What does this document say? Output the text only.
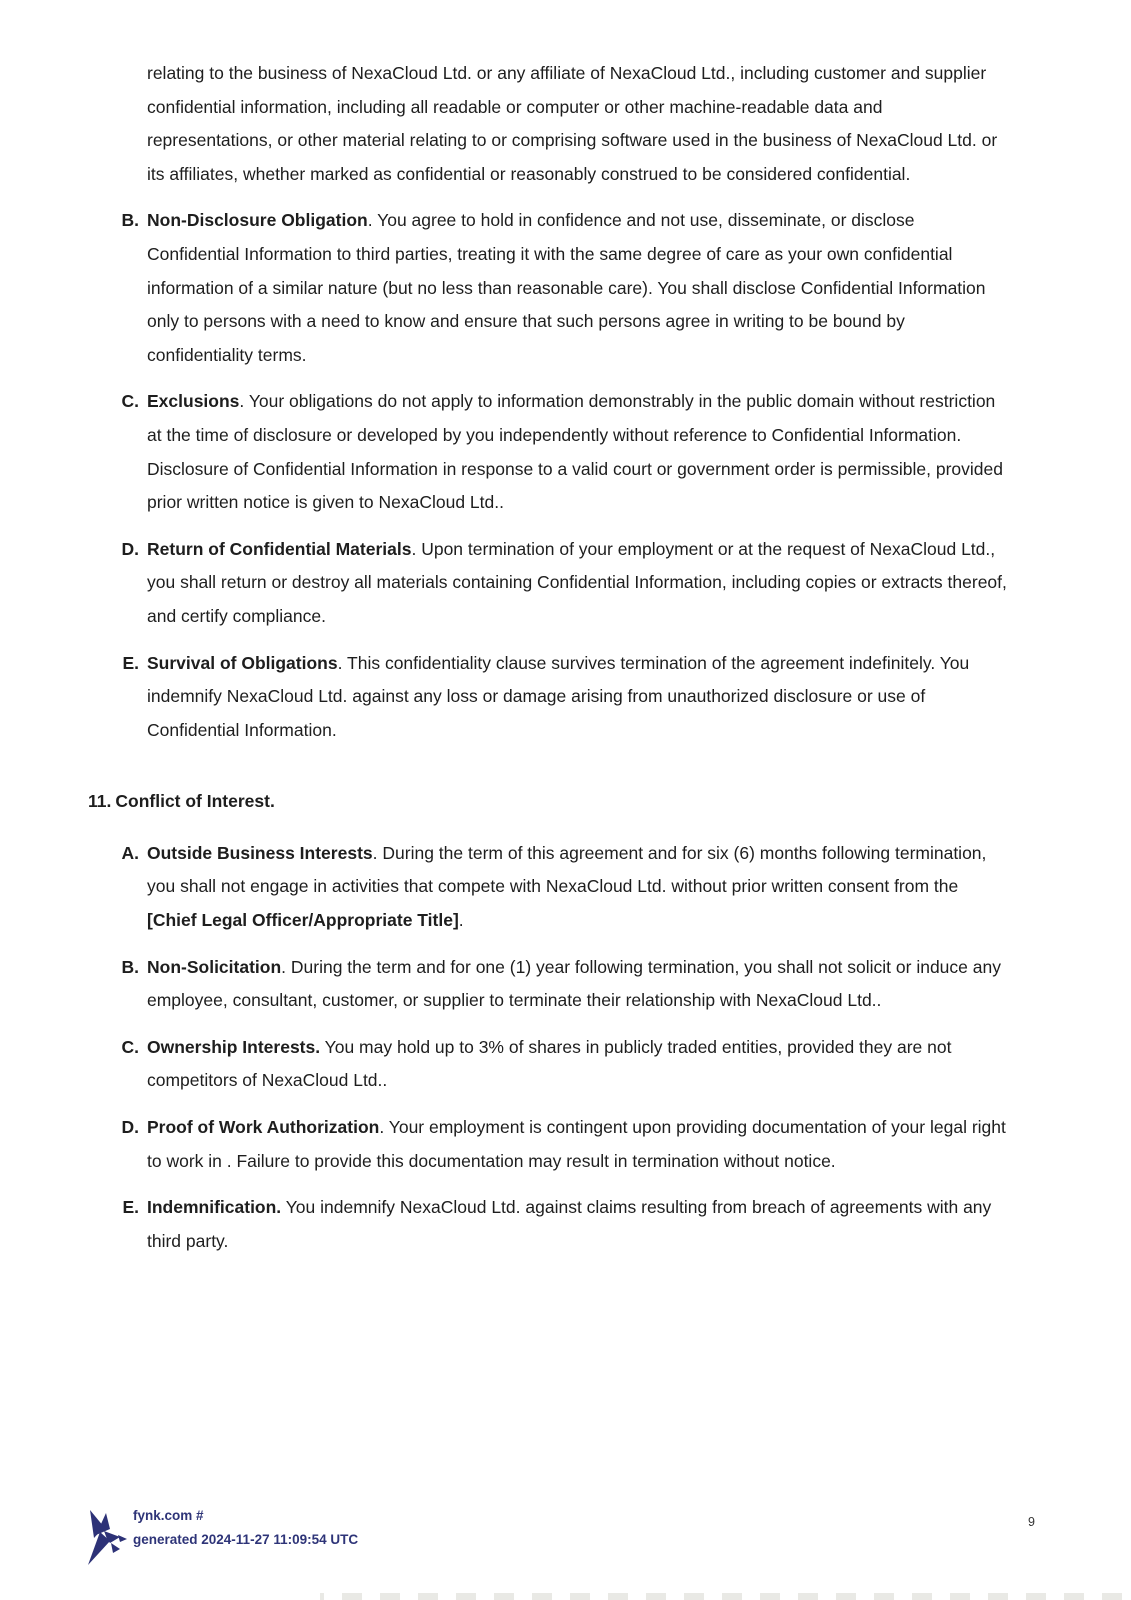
relating to the business of NexaCloud Ltd. or any affiliate of NexaCloud Ltd., including customer and supplier confidential information, including all readable or computer or other machine-readable data and representations, or other material relating to or comprising software used in the business of NexaCloud Ltd. or its affiliates, whether marked as confidential or reasonably construed to be considered confidential.

B. Non-Disclosure Obligation. You agree to hold in confidence and not use, disseminate, or disclose Confidential Information to third parties, treating it with the same degree of care as your own confidential information of a similar nature (but no less than reasonable care). You shall disclose Confidential Information only to persons with a need to know and ensure that such persons agree in writing to be bound by confidentiality terms.
C. Exclusions. Your obligations do not apply to information demonstrably in the public domain without restriction at the time of disclosure or developed by you independently without reference to Confidential Information. Disclosure of Confidential Information in response to a valid court or government order is permissible, provided prior written notice is given to NexaCloud Ltd..
D. Return of Confidential Materials. Upon termination of your employment or at the request of NexaCloud Ltd., you shall return or destroy all materials containing Confidential Information, including copies or extracts thereof, and certify compliance.
E. Survival of Obligations. This confidentiality clause survives termination of the agreement indefinitely. You indemnify NexaCloud Ltd. against any loss or damage arising from unauthorized disclosure or use of Confidential Information.
11. Conflict of Interest.
A. Outside Business Interests. During the term of this agreement and for six (6) months following termination, you shall not engage in activities that compete with NexaCloud Ltd. without prior written consent from the [Chief Legal Officer/Appropriate Title].
B. Non-Solicitation. During the term and for one (1) year following termination, you shall not solicit or induce any employee, consultant, customer, or supplier to terminate their relationship with NexaCloud Ltd..
C. Ownership Interests. You may hold up to 3% of shares in publicly traded entities, provided they are not competitors of NexaCloud Ltd..
D. Proof of Work Authorization. Your employment is contingent upon providing documentation of your legal right to work in . Failure to provide this documentation may result in termination without notice.
E. Indemnification. You indemnify NexaCloud Ltd. against claims resulting from breach of agreements with any third party.
fynk.com #
generated 2024-11-27 11:09:54 UTC
9
